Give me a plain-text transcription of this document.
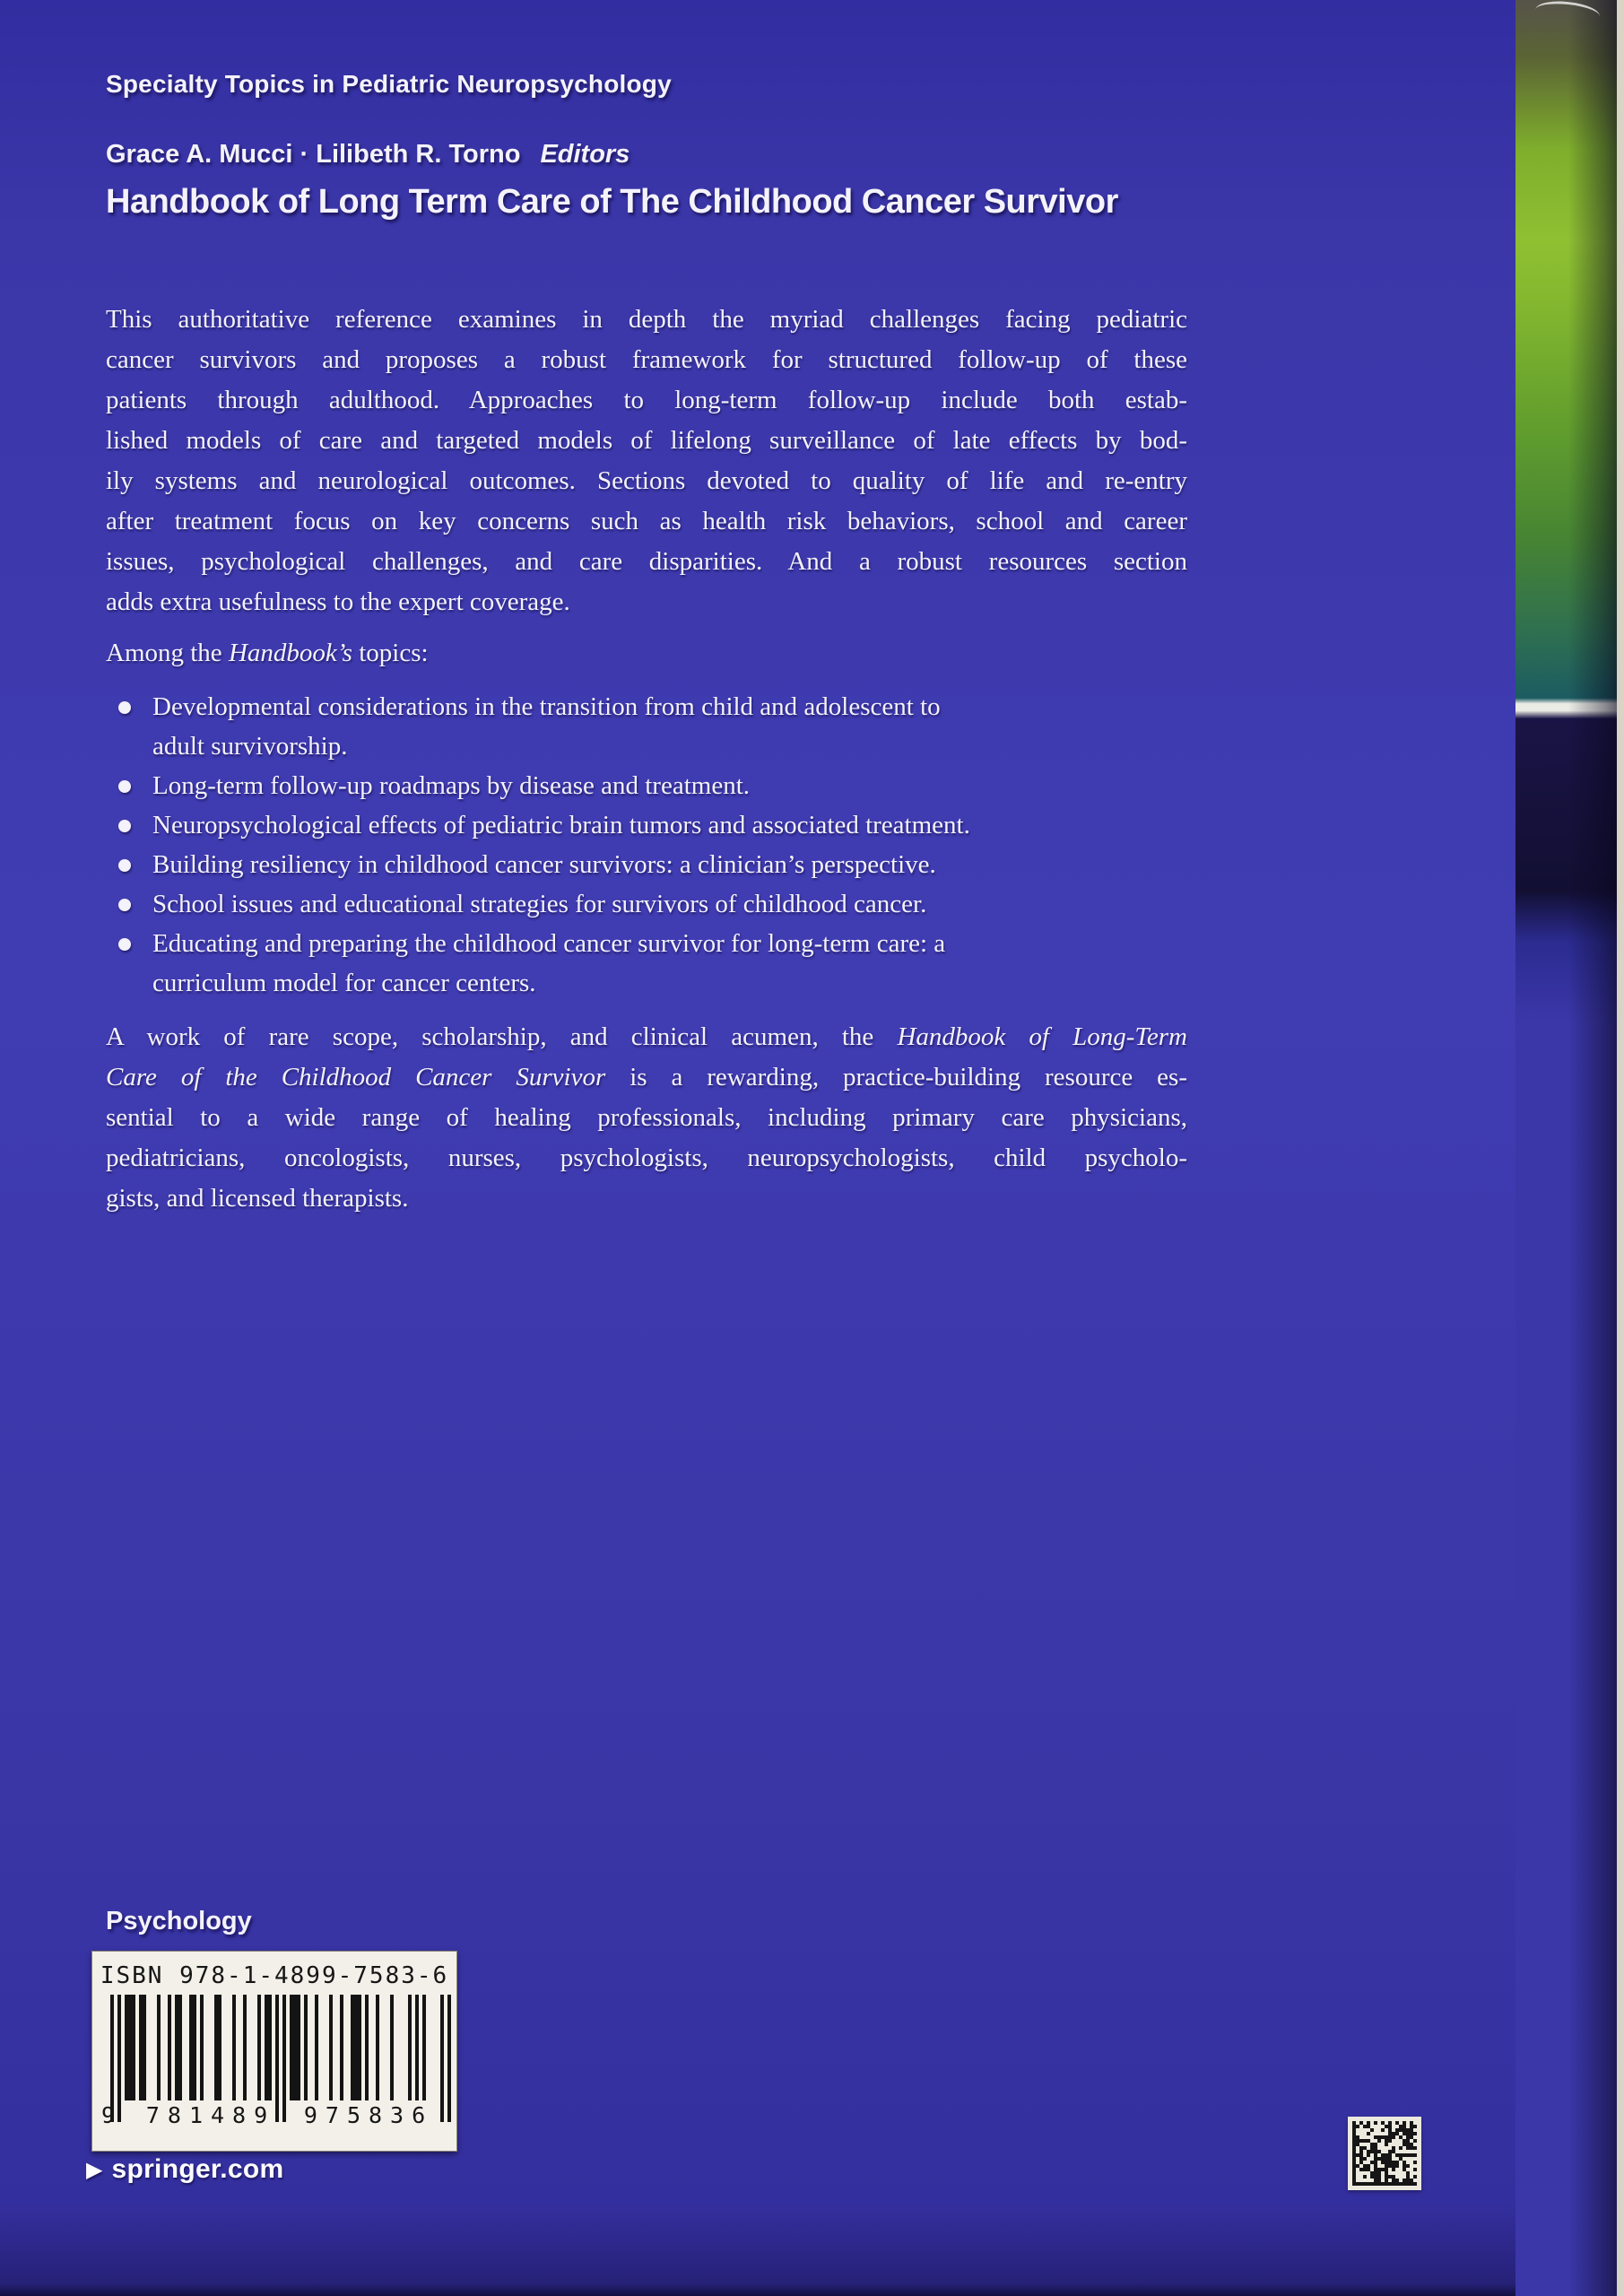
Specialty Topics in Pediatric Neuropsychology
Grace A. Mucci · Lilibeth R. Torno Editors
Handbook of Long Term Care of The Childhood Cancer Survivor
This authoritative reference examines in depth the myriad challenges facing pediatric
cancer survivors and proposes a robust framework for structured follow-up of these
patients through adulthood. Approaches to long-term follow-up include both estab-
lished models of care and targeted models of lifelong surveillance of late effects by bod-
ily systems and neurological outcomes. Sections devoted to quality of life and re-entry
after treatment focus on key concerns such as health risk behaviors, school and career
issues, psychological challenges, and care disparities. And a robust resources section
adds extra usefulness to the expert coverage.
Among the Handbook’s topics:
Developmental considerations in the transition from child and adolescent to
adult survivorship.
Long-term follow-up roadmaps by disease and treatment.
Neuropsychological effects of pediatric brain tumors and associated treatment.
Building resiliency in childhood cancer survivors: a clinician’s perspective.
School issues and educational strategies for survivors of childhood cancer.
Educating and preparing the childhood cancer survivor for long-term care: a
curriculum model for cancer centers.
A work of rare scope, scholarship, and clinical acumen, the Handbook of Long-Term
Care of the Childhood Cancer Survivor is a rewarding, practice-building resource es-
sential to a wide range of healing professionals, including primary care physicians,
pediatricians, oncologists, nurses, psychologists, neuropsychologists, child psycholo-
gists, and licensed therapists.
Psychology
ISBN 978-1-4899-7583-6
9	781489	975836
▶ springer.com
